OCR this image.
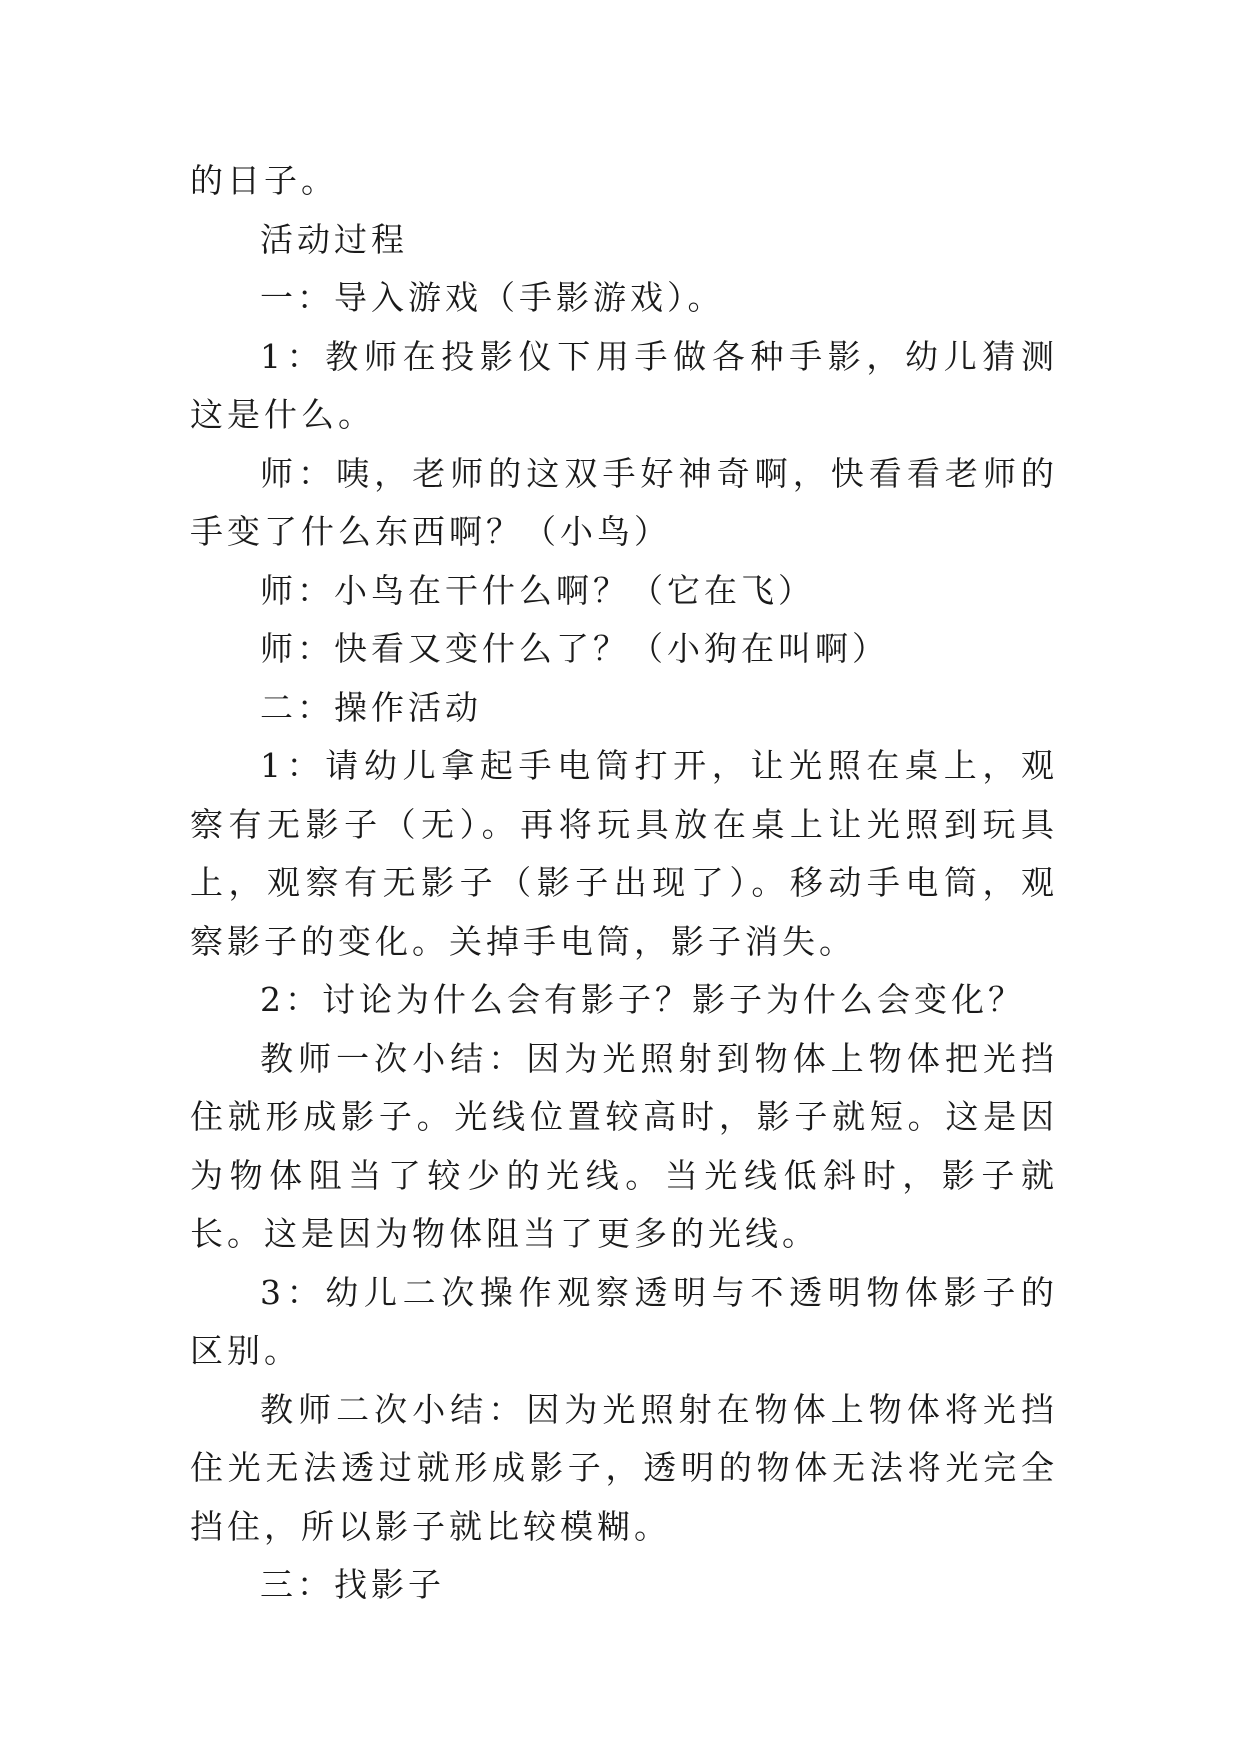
的日子。

活动过程

一：导入游戏（手影游戏）。

1：教师在投影仪下用手做各种手影，幼儿猜测这是什么。

师：咦，老师的这双手好神奇啊，快看看老师的手变了什么东西啊？（小鸟）

师：小鸟在干什么啊？（它在飞）

师：快看又变什么了？（小狗在叫啊）

二：操作活动

1：请幼儿拿起手电筒打开，让光照在桌上，观察有无影子（无）。再将玩具放在桌上让光照到玩具上，观察有无影子（影子出现了）。移动手电筒，观察影子的变化。关掉手电筒，影子消失。

2：讨论为什么会有影子？影子为什么会变化？

教师一次小结：因为光照射到物体上物体把光挡住就形成影子。光线位置较高时，影子就短。这是因为物体阻当了较少的光线。当光线低斜时，影子就长。这是因为物体阻当了更多的光线。

3：幼儿二次操作观察透明与不透明物体影子的区别。

教师二次小结：因为光照射在物体上物体将光挡住光无法透过就形成影子，透明的物体无法将光完全挡住，所以影子就比较模糊。

三：找影子
